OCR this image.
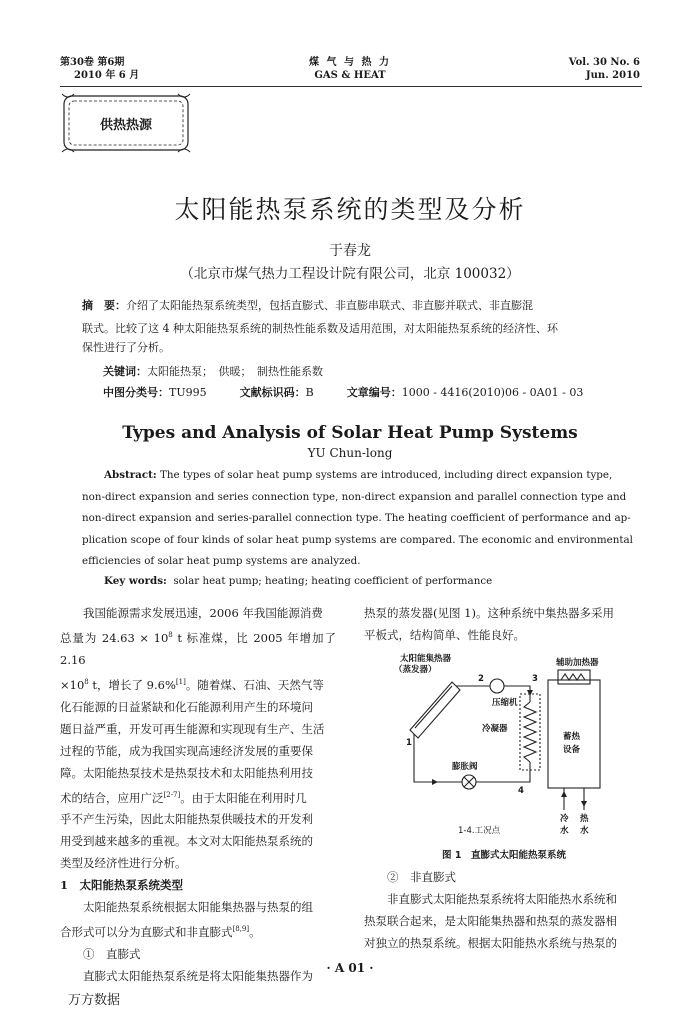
第30卷 第6期
2010 年 6 月
煤 气 与 热 力
GAS & HEAT
Vol. 30 No. 6
Jun. 2010
供热热源
太阳能热泵系统的类型及分析
于春龙
（北京市煤气热力工程设计院有限公司，北京 100032）
摘　要：介绍了太阳能热泵系统类型，包括直膨式、非直膨串联式、非直膨并联式、非直膨混
联式。比较了这 4 种太阳能热泵系统的制热性能系数及适用范围，对太阳能热泵系统的经济性、环
保性进行了分析。
关键词：太阳能热泵；　供暖；　制热性能系数
中图分类号：TU995	文献标识码：B	文章编号：1000 - 4416(2010)06 - 0A01 - 03
Types and Analysis of Solar Heat Pump Systems
YU Chun-long
Abstract: The types of solar heat pump systems are introduced, including direct expansion type,
non-direct expansion and series connection type, non-direct expansion and parallel connection type and
non-direct expansion and series-parallel connection type. The heating coefficient of performance and ap-
plication scope of four kinds of solar heat pump systems are compared. The economic and environmental
efficiencies of solar heat pump systems are analyzed.
Key words: solar heat pump; heating; heating coefficient of performance
我国能源需求发展迅速，2006 年我国能源消费
总量为 $24.63 \times 10^8$ t 标准煤，比 2005 年增加了 2.16
$\times 10^8$ t，增长了 9.6%[1]。随着煤、石油、天然气等
化石能源的日益紧缺和化石能源利用产生的环境问
题日益严重，开发可再生能源和实现现有生产、生活
过程的节能，成为我国实现高速经济发展的重要保
障。太阳能热泵技术是热泵技术和太阳能热利用技
术的结合，应用广泛[2-7]。由于太阳能在利用时几
乎不产生污染，因此太阳能热泵供暖技术的开发利
用受到越来越多的重视。本文对太阳能热泵系统的
类型及经济性进行分析。
1　太阳能热泵系统类型
太阳能热泵系统根据太阳能集热器与热泵的组
合形式可以分为直膨式和非直膨式[8,9]。
①　直膨式
直膨式太阳能热泵系统是将太阳能集热器作为
热泵的蒸发器(见图 1)。这种系统中集热器多采用
平板式，结构简单、性能良好。
太阳能集热器
（蒸发器）
辅助加热器
压缩机
冷凝器
蓄热
设备
膨胀阀
1
2	3
4
冷
水
热
水
1-4.工况点
图 1　直膨式太阳能热泵系统
②　非直膨式
非直膨式太阳能热泵系统将太阳能热水系统和
热泵联合起来，是太阳能集热器和热泵的蒸发器相
对独立的热泵系统。根据太阳能热水系统与热泵的
· A 01 ·
万方数据
